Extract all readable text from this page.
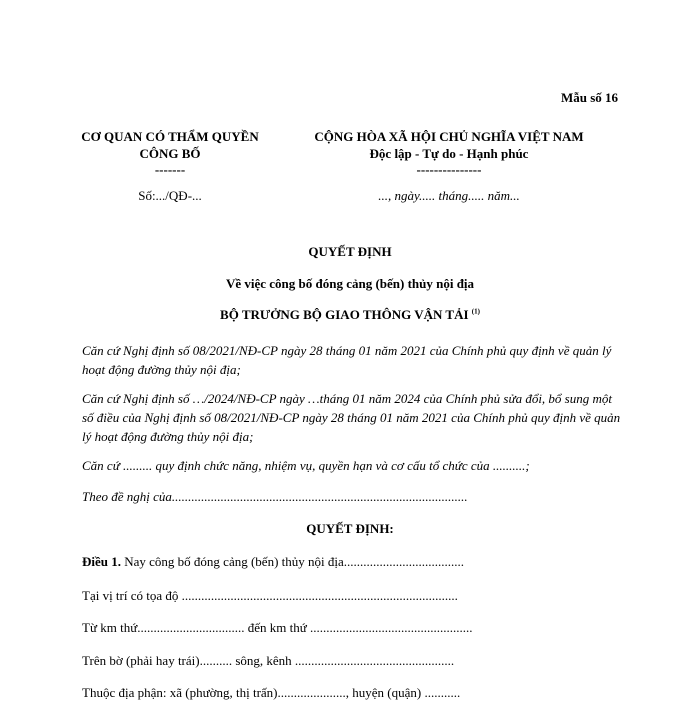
Mẫu số 16
CƠ QUAN CÓ THẨM QUYỀN
CÔNG BỐ
-------
Số:.../QĐ-...
CỘNG HÒA XÃ HỘI CHỦ NGHĨA VIỆT NAM
Độc lập - Tự do - Hạnh phúc
---------------
..., ngày..... tháng..... năm...
QUYẾT ĐỊNH
Về việc công bố đóng cảng (bến) thủy nội địa
BỘ TRƯỞNG BỘ GIAO THÔNG VẬN TẢI $^{(1)}$
Căn cứ Nghị định số 08/2021/NĐ-CP ngày 28 tháng 01 năm 2021 của Chính phủ quy định về quản lý hoạt động đường thủy nội địa;
Căn cứ Nghị định số …/2024/NĐ-CP ngày …tháng 01 năm 2024 của Chính phủ sửa đổi, bổ sung một số điều của Nghị định số 08/2021/NĐ-CP ngày 28 tháng 01 năm 2021 của Chính phủ quy định về quản lý hoạt động đường thủy nội địa;
Căn cứ ......... quy định chức năng, nhiệm vụ, quyền hạn và cơ cấu tổ chức của ..........;
Theo đề nghị của...........................................................................................
QUYẾT ĐỊNH:
Điều 1. Nay công bố đóng cảng (bến) thủy nội địa.....................................
Tại vị trí có tọa độ .....................................................................................
Từ km thứ................................. đến km thứ ..................................................
Trên bờ (phải hay trái).......... sông, kênh .................................................
Thuộc địa phận: xã (phường, thị trấn)....................., huyện (quận) ...........
